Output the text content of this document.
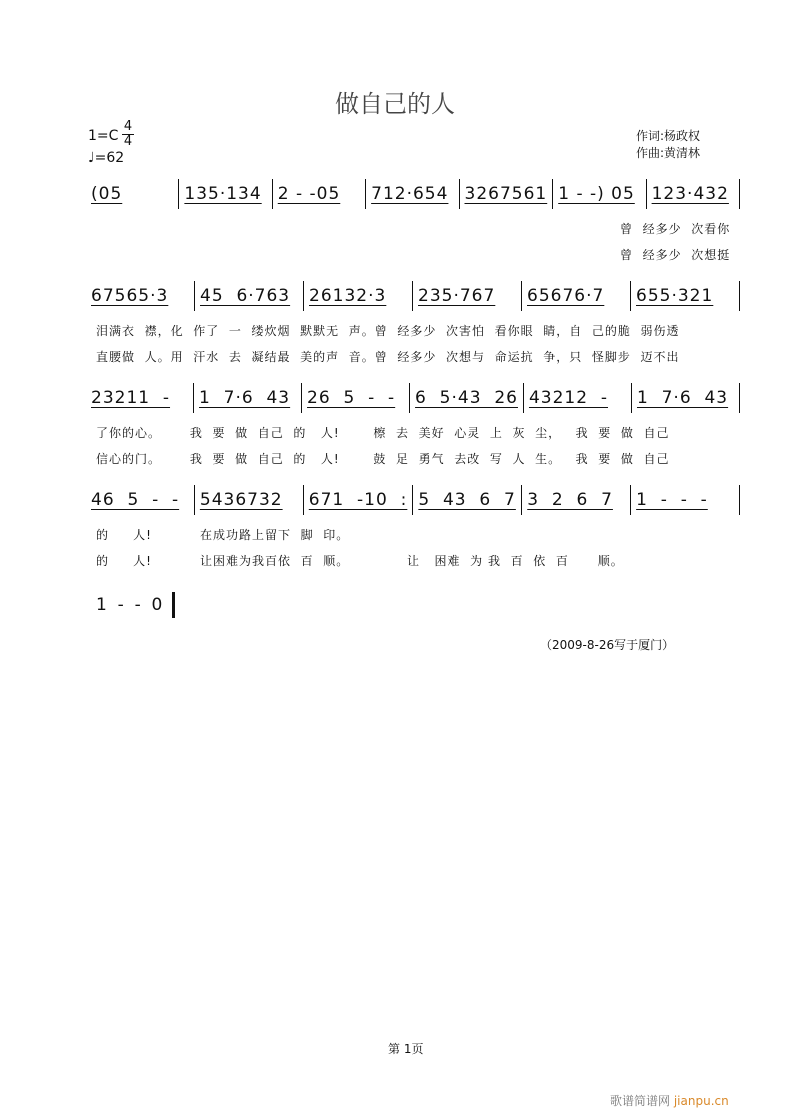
做自己的人
1=C
4
4
♩=62
作词:杨政权
作曲:黄清林
(05	135·134 2 - -05	712·654 3267561 1 - -) 05 123·432
曾  经多少  次看你
曾  经多少  次想挺
67565·3	45  6·763	26132·3	235·767	65676·7	655·321
泪满衣  襟，化  作了  一  缕炊烟  默默无  声。曾  经多少  次害怕  看你眼  睛，自  己的脆  弱伤透
直腰做  人。用  汗水  去  凝结最  美的声  音。曾  经多少  次想与  命运抗  争，只  怪脚步  迈不出
23211  -	1  7·6  43 26  5  -  -	6  5·43  26 43212  -	1  7·6  43
了你的心。      我  要  做  自己  的   人!       檫  去  美好  心灵  上  灰  尘，   我  要  做  自己
信心的门。      我  要  做  自己  的   人!       鼓  足  勇气  去改  写  人  生。   我  要  做  自己
46  5  -  -	5436732	671  -10  : 5  43  6  7 3  2  6  7	1  -  -  -
的     人!          在成功路上留下  脚  印。
的     人!          让困难为我百依  百  顺。            让   困难  为 我  百  依  百      顺。
1  -  -  0
（2009-8-26写于厦门）
第 1页
歌谱简谱网 jianpu.cn
